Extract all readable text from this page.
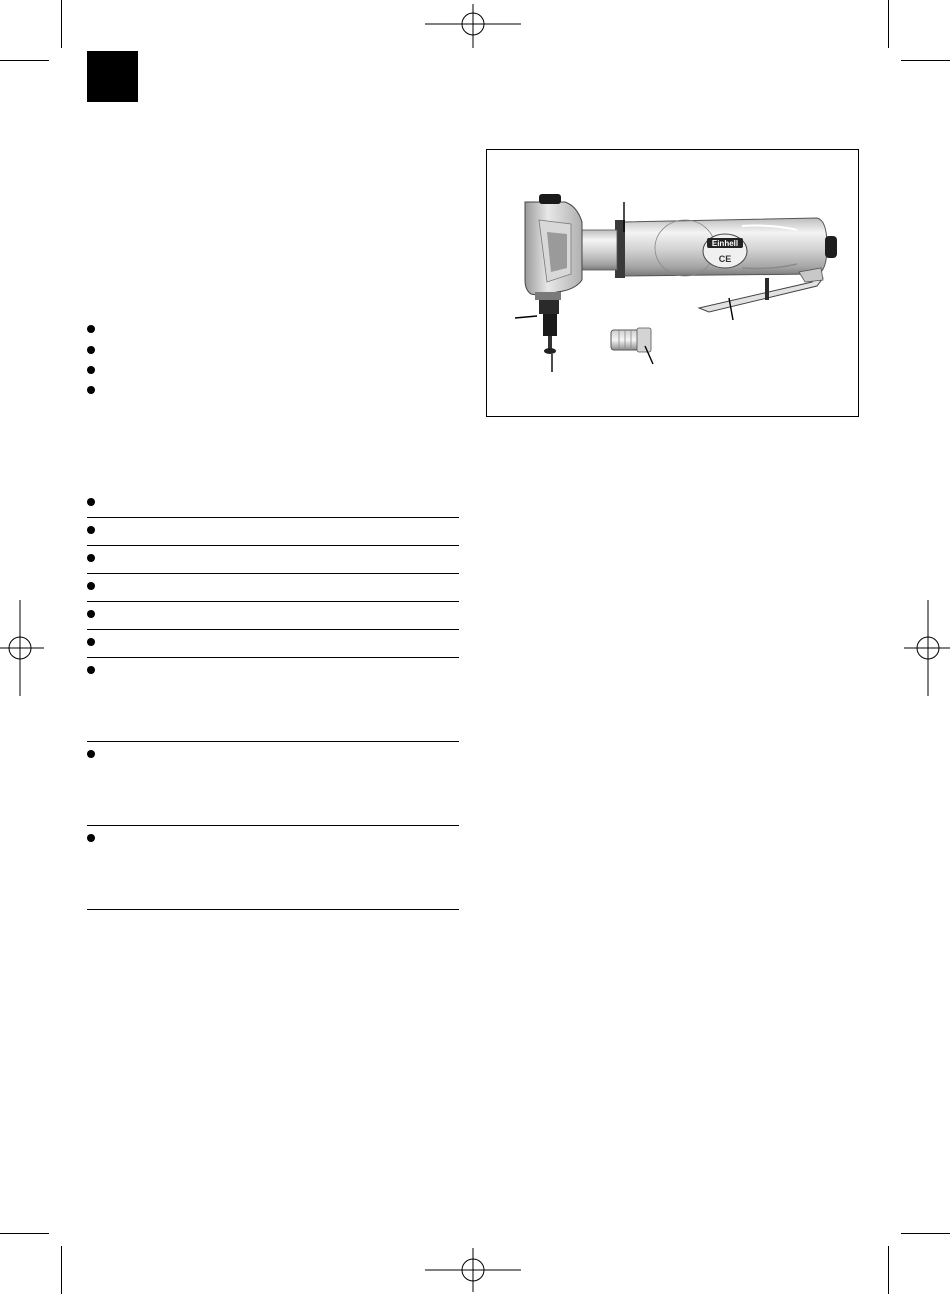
Einhell
CE
